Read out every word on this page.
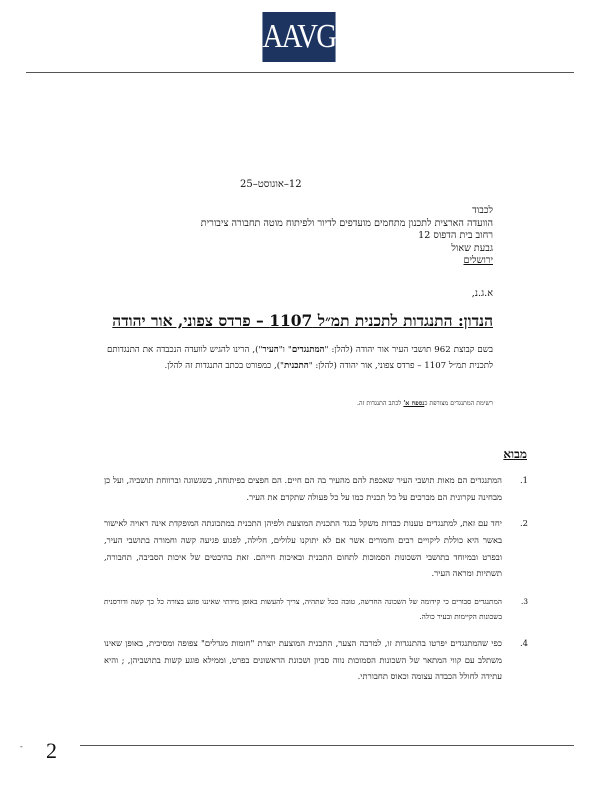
AAVG
12–אוגוסט–25
לכבוד
הוועדה הארצית לתכנון מתחמים מועדפים לדיור ולפיתוח מוטה תחבורה ציבורית
רחוב בית הדפוס 12
גבעת שאול
ירושלים
א.ג.נ,
הנדון: התנגדות לתכנית תמ״ל 1107 – פרדס צפוני, אור יהודה
בשם קבוצת 962 תושבי העיר אור יהודה (להלן: "המתנגדים" ו"העיר"), הרינו להגיש לוועדה הנכבדה את התנגדותם לתכנית תמ״ל 1107 – פרדס צפוני, אור יהודה (להלן: "התכנית"), כמפורט בכתב התנגדות זה להלן.
רשימת המתנגדים מצורפת כנספח א' לכתב התנגדות זה.
מבוא
1.
המתנגדים הם מאות תושבי העיר שאכפת להם מהעיר בה הם חיים. הם חפצים בפיתוחה, בשגשוגה וברווחת תושביה, ועל כן מבחינה עקרונית הם מברכים על כל תכנית כמו על כל פעולה שתקדם את העיר.
2.
יחד עם זאת, למתנגדים טענות כבדות משקל כנגד התכנית המוצעת ולפיהן התכנית במתכונתה המופקדת אינה ראויה לאישור באשר היא כוללת ליקויים רבים וחמורים אשר אם לא יתוקנו עלולים, חלילה, לפגוע פגיעה קשה וחמורה בתושבי העיר, ובפרט ובמיוחד בתושבי השכונות הסמוכות לתחום התכנית ובאיכות חייהם. זאת בהיבטים של איכות הסביבה, תחבורה, תשתיות ומראה העיר.
3.
המתנגדים סבורים כי קידומה של השכונה החדשה, טובה ככל שתהיה, צריך להעשות באופן מידתי שאיננו פוגע בצורה כל כך קשה ודורסנית בשכונות הקיימות ובעיר כולה.
4.
כפי שהמתנגדים יפרטו בהתנגדות זו, למרבה הצער, התכנית המוצעת יוצרת "חומות מגדלים" צפופה ומסיבית, באופן שאינו משתלב עם קווי המתאר של השכונות הסמוכות נווה סביון ושכונת הראשונים בפרט, וממילא פוגע קשות בתושביהן, ; והיא עתידה לחולל הכבדה עצומה וכאוס תחבורתי.
- 2
